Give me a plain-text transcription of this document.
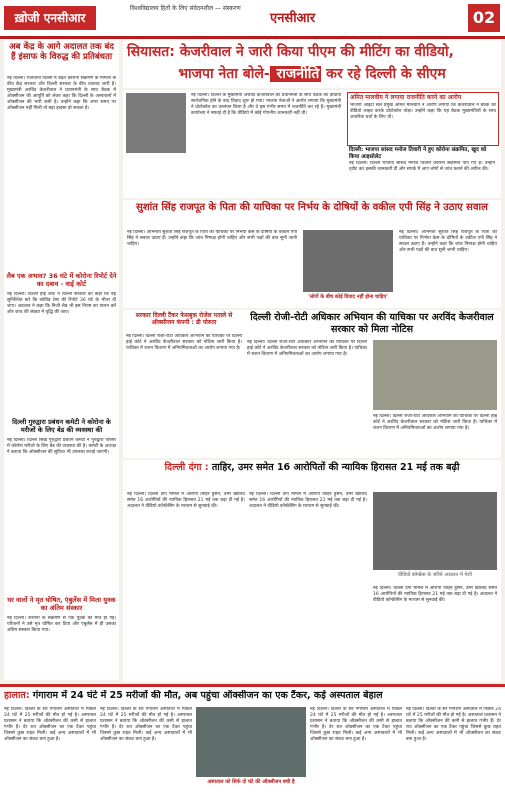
ख़ोजी एनसीआर
विश्वविद्यालय हितों के लिए संवेदनशील — संस्करण
एनसीआर	02
अब केंद्र के आगे अदालत तक बंद हैं इंसाफ के विरुद्ध की प्रतिबंधता
नई दिल्ली। राजधानी दिल्ली में बढ़ते कोरोना संक्रमण के मामलों के बीच केंद्र सरकार और दिल्ली सरकार के बीच टकराव जारी है। मुख्यमंत्री अरविंद केजरीवाल ने प्रधानमंत्री के साथ बैठक में ऑक्सीजन की आपूर्ति को लेकर कहा कि दिल्ली के अस्पतालों में ऑक्सीजन की भारी कमी है। उन्होंने कहा कि अगर समय पर ऑक्सीजन नहीं मिली तो बड़ा हादसा हो सकता है।
लैब एक अभाव? 36 घंटे में कोरोना रिपोर्ट देने का दबाव - वाई कोर्ट
नई दिल्ली। दिल्ली हाई कोर्ट ने दिल्ली सरकार को कहा कि वह सुनिश्चित करे कि कोविड टेस्ट की रिपोर्ट 36 घंटे के भीतर दी जाए। अदालत ने कहा कि निजी लैब भी इस नियम का पालन करें और जांच की संख्या में वृद्धि की जाए।
दिल्ली गुरुद्वारा प्रबंधन कमेटी ने कोरोना के मरीजों के लिए बेड की व्यवस्था की
नई दिल्ली। दिल्ली सिख गुरुद्वारा प्रबंधन कमेटी ने गुरुद्वारा परिसर में कोरोना मरीजों के लिए बेड की व्यवस्था की है। कमेटी के अध्यक्ष ने बताया कि ऑक्सीजन की सुविधा भी उपलब्ध कराई जाएगी।
घर वालों ने मृत घोषित, एंबुलेंस में मिला युवक का अंतिम संस्कार
नई दिल्ली। कोरोना के संक्रमण से एक युवक की मौत हो गई। परिजनों ने उसे मृत घोषित कर दिया और एंबुलेंस में ही उसका अंतिम संस्कार किया गया।
सियासत: केजरीवाल ने जारी किया पीएम की मीटिंग का वीडियो,
भाजपा नेता बोले- राजनीति कर रहे दिल्ली के सीएम
नई दिल्ली। दिल्ली के मुख्यमंत्री अरविंद केजरीवाल की प्रधानमंत्री के साथ बैठक का वीडियो सार्वजनिक होने के बाद विवाद शुरू हो गया। भाजपा नेताओं ने आरोप लगाया कि मुख्यमंत्री ने प्रोटोकॉल का उल्लंघन किया है और वे इस गंभीर समय में राजनीति कर रहे हैं। मुख्यमंत्री कार्यालय ने सफाई दी है कि वीडियो में कोई गोपनीय जानकारी नहीं थी।
अमित मालवीय ने लगाया राजनीति करने का आरोप
भाजपा आईटी सेल प्रमुख अमित मालवीय ने आरोप लगाया कि केजरीवाल ने बैठक का वीडियो लाइव करके प्रोटोकॉल तोड़ा। उन्होंने कहा कि यह बैठक मुख्यमंत्रियों के साथ आंतरिक चर्चा के लिए थी।
दिल्ली: भाजपा सांसद मनोज तिवारी ने हुए कोरोना संक्रमित, खुद को किया आइसोलेट
नई दिल्ली। दिल्ली भाजपा सांसद मनोज तिवारी कोरोना संक्रमित पाए गए हैं। उन्होंने ट्वीट कर इसकी जानकारी दी और संपर्क में आए लोगों से जांच कराने की अपील की।
सुशांत सिंह राजपूत के पिता की याचिका पर निर्भय के दोषियों के वकील एपी सिंह ने उठाए सवाल
नई दिल्ली। अभिनेता सुशांत सिंह राजपूत के पिता की याचिका पर निर्भया केस के दोषियों के वकील एपी सिंह ने सवाल उठाए हैं। उन्होंने कहा कि जांच निष्पक्ष होनी चाहिए और सभी पक्षों की बात सुनी जानी चाहिए।
'लोगों के बीच कोई विवाद नहीं होना चाहिए'
नई दिल्ली। अभिनेता सुशांत सिंह राजपूत के पिता की याचिका पर निर्भया केस के दोषियों के वकील एपी सिंह ने सवाल उठाए हैं। उन्होंने कहा कि जांच निष्पक्ष होनी चाहिए और सभी पक्षों की बात सुनी जानी चाहिए।
सरकार दिल्ली टैंकर फेसबुक रोजेल पताले से ऑक्सीजन कंपनी : डी पोरुता
नई दिल्ली। दिल्ली रोजी-रोटी अधिकार अभियान की याचिका पर दिल्ली हाई कोर्ट ने अरविंद केजरीवाल सरकार को नोटिस जारी किया है। याचिका में राशन वितरण में अनियमितताओं का आरोप लगाया गया है।
दिल्ली रोजी-रोटी अधिकार अभियान की याचिका पर अरविंद केजरीवाल सरकार को मिला नोटिस
नई दिल्ली। दिल्ली रोजी-रोटी अधिकार अभियान की याचिका पर दिल्ली हाई कोर्ट ने अरविंद केजरीवाल सरकार को नोटिस जारी किया है। याचिका में राशन वितरण में अनियमितताओं का आरोप लगाया गया है।
नई दिल्ली। दिल्ली रोजी-रोटी अधिकार अभियान की याचिका पर दिल्ली हाई कोर्ट ने अरविंद केजरीवाल सरकार को नोटिस जारी किया है। याचिका में राशन वितरण में अनियमितताओं का आरोप लगाया गया है।
दिल्ली दंगा : ताहिर, उमर समेत 16 आरोपितों की न्यायिक हिरासत 21 मई तक बढ़ी
नई दिल्ली। दिल्ली दंगा मामले में आरोपी ताहिर हुसैन, उमर खालिद समेत 16 आरोपियों की न्यायिक हिरासत 21 मई तक बढ़ा दी गई है। अदालत ने वीडियो कॉन्फ्रेंसिंग के माध्यम से सुनवाई की।
नई दिल्ली। दिल्ली दंगा मामले में आरोपी ताहिर हुसैन, उमर खालिद समेत 16 आरोपियों की न्यायिक हिरासत 21 मई तक बढ़ा दी गई है। अदालत ने वीडियो कॉन्फ्रेंसिंग के माध्यम से सुनवाई की।
वीडियो कॉन्फ्रेंस के जरिये अदालत में पेशी
नई दिल्ली। दिल्ली दंगा मामले में आरोपी ताहिर हुसैन, उमर खालिद समेत 16 आरोपियों की न्यायिक हिरासत 21 मई तक बढ़ा दी गई है। अदालत ने वीडियो कॉन्फ्रेंसिंग के माध्यम से सुनवाई की।
हालात: गंगाराम में 24 घंटे में 25 मरीजों की मौत, अब पहुंचा ऑक्सीजन का एक टैंकर, कई अस्पताल बेहाल
नई दिल्ली। दिल्ली के सर गंगाराम अस्पताल में पिछले 24 घंटे में 25 मरीजों की मौत हो गई है। अस्पताल प्रशासन ने बताया कि ऑक्सीजन की कमी से हालात गंभीर हैं। देर रात ऑक्सीजन का एक टैंकर पहुंचा जिससे कुछ राहत मिली। कई अन्य अस्पतालों में भी ऑक्सीजन का संकट बना हुआ है।
नई दिल्ली। दिल्ली के सर गंगाराम अस्पताल में पिछले 24 घंटे में 25 मरीजों की मौत हो गई है। अस्पताल प्रशासन ने बताया कि ऑक्सीजन की कमी से हालात गंभीर हैं। देर रात ऑक्सीजन का एक टैंकर पहुंचा जिससे कुछ राहत मिली। कई अन्य अस्पतालों में भी ऑक्सीजन का संकट बना हुआ है।
अस्पताल को सिर्फ दो घंटे की ऑक्सीजन बची है
नई दिल्ली। दिल्ली के सर गंगाराम अस्पताल में पिछले 24 घंटे में 25 मरीजों की मौत हो गई है। अस्पताल प्रशासन ने बताया कि ऑक्सीजन की कमी से हालात गंभीर हैं। देर रात ऑक्सीजन का एक टैंकर पहुंचा जिससे कुछ राहत मिली। कई अन्य अस्पतालों में भी ऑक्सीजन का संकट बना हुआ है।
नई दिल्ली। दिल्ली के सर गंगाराम अस्पताल में पिछले 24 घंटे में 25 मरीजों की मौत हो गई है। अस्पताल प्रशासन ने बताया कि ऑक्सीजन की कमी से हालात गंभीर हैं। देर रात ऑक्सीजन का एक टैंकर पहुंचा जिससे कुछ राहत मिली। कई अन्य अस्पतालों में भी ऑक्सीजन का संकट बना हुआ है।
